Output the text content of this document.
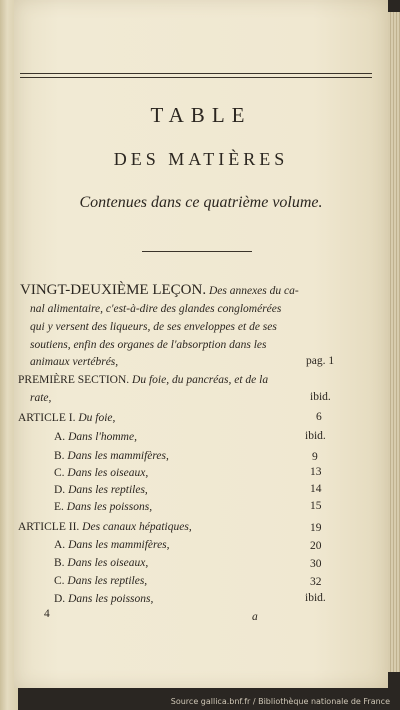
TABLE
DES MATIÈRES
Contenues dans ce quatrième volume.
VINGT-DEUXIÈME LEÇON. Des annexes du ca-
nal alimentaire, c'est-à-dire des glandes conglomérées
qui y versent des liqueurs, de ses enveloppes et de ses
soutiens, enfin des organes de l'absorption dans les
animaux vertébrés,	pag. 1
PREMIÈRE SECTION. Du foie, du pancréas, et de la
rate,	ibid.
ARTICLE I. Du foie,	6
A. Dans l'homme,	ibid.
B. Dans les mammifères,	9
C. Dans les oiseaux,	13
D. Dans les reptiles,	14
E. Dans les poissons,	15
ARTICLE II. Des canaux hépatiques,	19
A. Dans les mammifères,	20
B. Dans les oiseaux,	30
C. Dans les reptiles,	32
D. Dans les poissons,	ibid.
4	a
Source gallica.bnf.fr / Bibliothèque nationale de France
